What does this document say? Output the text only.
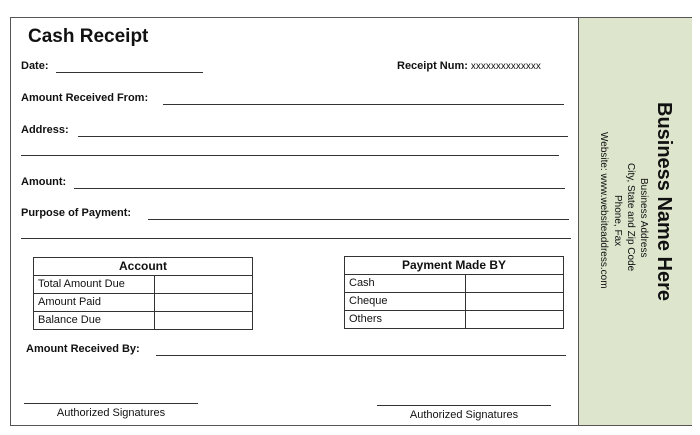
Cash Receipt
Date:	Receipt Num: xxxxxxxxxxxxxx
Amount Received From:
Address:
Amount:
Purpose of Payment:
Account	
Total Amount Due	
Amount Paid	
Balance Due	
Payment Made BY	
Cash	
Cheque	
Others	
Amount Received By:
Authorized Signatures	Authorized Signatures
Business Name Here
Business Address
City, State and Zip Code
Phone, Fax
Website: www.websiteaddress.com
